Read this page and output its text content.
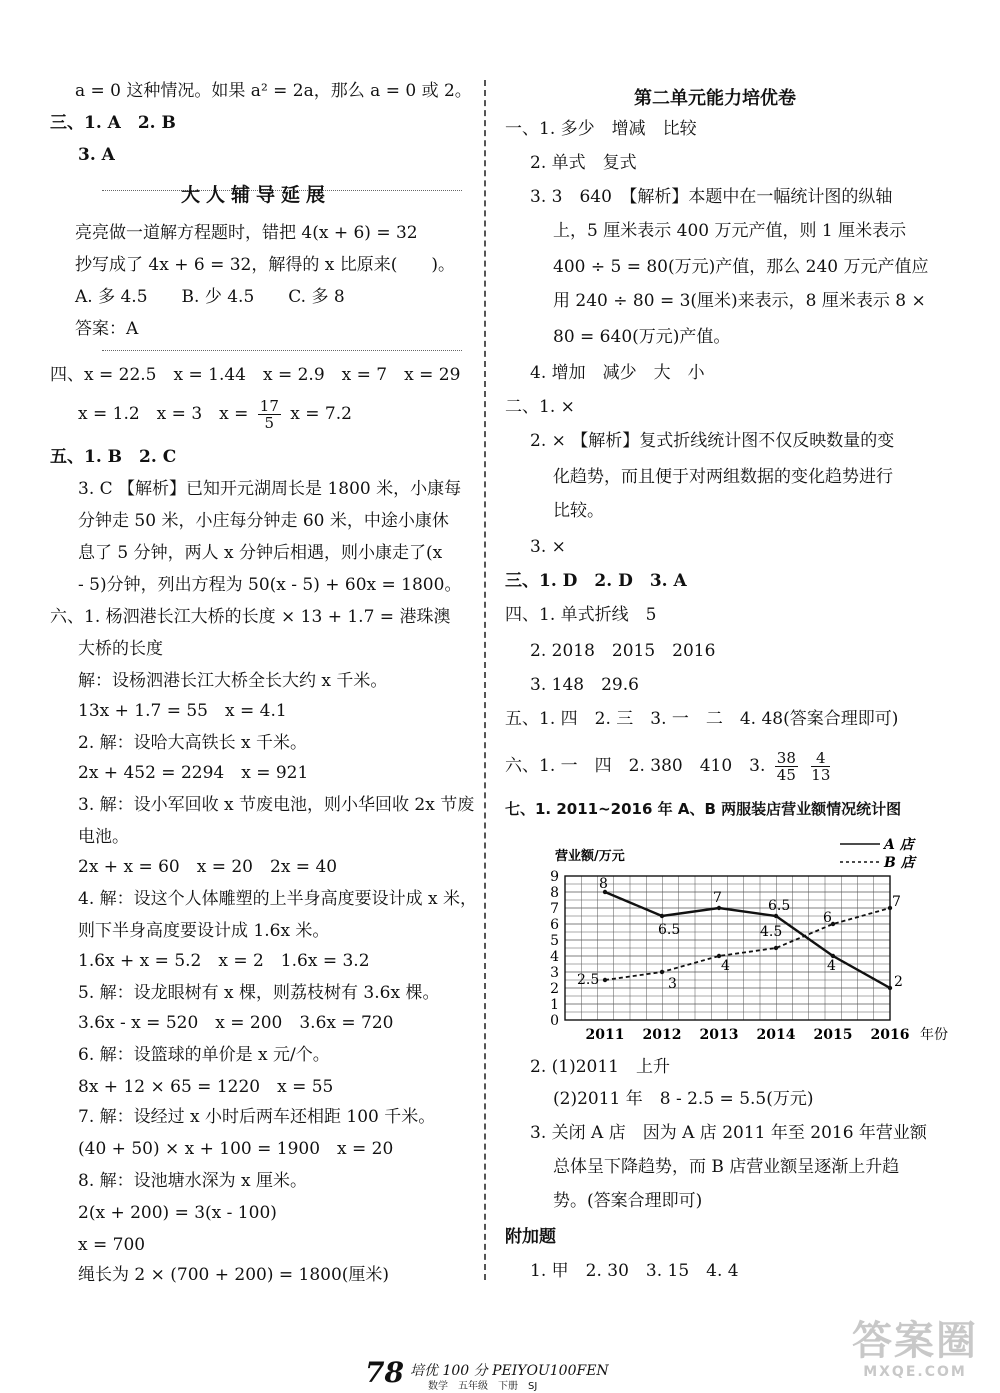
a = 0 这种情况。如果 a² = 2a，那么 a = 0 或 2。
三、1. A　2. B
3. A
大人辅导延展
亮亮做一道解方程题时，错把 4(x + 6) = 32
抄写成了 4x + 6 = 32，解得的 x 比原来(　　)。
A. 多 4.5　　B. 少 4.5　　C. 多 8
答案：A
四、x = 22.5　x = 1.44　x = 2.9　x = 7　x = 29
x = 1.2　x = 3　$x = \frac{17}{5}$ x = 7.2
五、1. B　2. C
3. C 【解析】已知开元湖周长是 1800 米，小康每
分钟走 50 米，小庄每分钟走 60 米，中途小康休
息了 5 分钟，两人 x 分钟后相遇，则小康走了(x
- 5)分钟，列出方程为 50(x - 5) + 60x = 1800。
六、1. 杨泗港长江大桥的长度 × 13 + 1.7 = 港珠澳
大桥的长度
解：设杨泗港长江大桥全长大约 x 千米。
13x + 1.7 = 55　x = 4.1
2. 解：设哈大高铁长 x 千米。
2x + 452 = 2294　x = 921
3. 解：设小军回收 x 节废电池，则小华回收 2x 节废
电池。
2x + x = 60　x = 20　2x = 40
4. 解：设这个人体雕塑的上半身高度要设计成 x 米，
则下半身高度要设计成 1.6x 米。
1.6x + x = 5.2　x = 2　1.6x = 3.2
5. 解：设龙眼树有 x 棵，则荔枝树有 3.6x 棵。
3.6x - x = 520　x = 200　3.6x = 720
6. 解：设篮球的单价是 x 元/个。
8x + 12 × 65 = 1220　x = 55
7. 解：设经过 x 小时后两车还相距 100 千米。
(40 + 50) × x + 100 = 1900　x = 20
8. 解：设池塘水深为 x 厘米。
2(x + 200) = 3(x - 100)
x = 700
绳长为 2 × (700 + 200) = 1800(厘米)
第二单元能力培优卷
一、1. 多少　增减　比较
2. 单式　复式
3. 3　640　【解析】本题中在一幅统计图的纵轴
上，5 厘米表示 400 万元产值，则 1 厘米表示
400 ÷ 5 = 80(万元)产值，那么 240 万元产值应
用 240 ÷ 80 = 3(厘米)来表示，8 厘米表示 8 ×
80 = 640(万元)产值。
4. 增加　减少　大　小
二、1. ×
2. × 【解析】复式折线统计图不仅反映数量的变
化趋势，而且便于对两组数据的变化趋势进行
比较。
3. ×
三、1. D　2. D　3. A
四、1. 单式折线　5
2. 2018　2015　2016
3. 148　29.6
五、1. 四　2. 三　3. 一　二　4. 48(答案合理即可)
六、1. 一　四　2. 380　410　3. $\frac{38}{45}$
$\frac{4}{13}$
七、1. 2011~2016 年 A、B 两服装店营业额情况统计图
0
1
2
3
4
5
6
7
8
9
2011 2012 2013 2014 2015 2016 年份
营业额/万元
A 店
B 店
8
6.5
7	6.5
4
2
2.5	3
4
4.5
6
7
2. (1)2011　上升
(2)2011 年　8 - 2.5 = 5.5(万元)
3. 关闭 A 店　因为 A 店 2011 年至 2016 年营业额
总体呈下降趋势，而 B 店营业额呈逐渐上升趋
势。(答案合理即可)
附加题
1. 甲　2. 30　3. 15　4. 4
78 培优 100 分 PEIYOU100FEN
数学　五年级　下册　SJ
答案圈
MXQE.COM
